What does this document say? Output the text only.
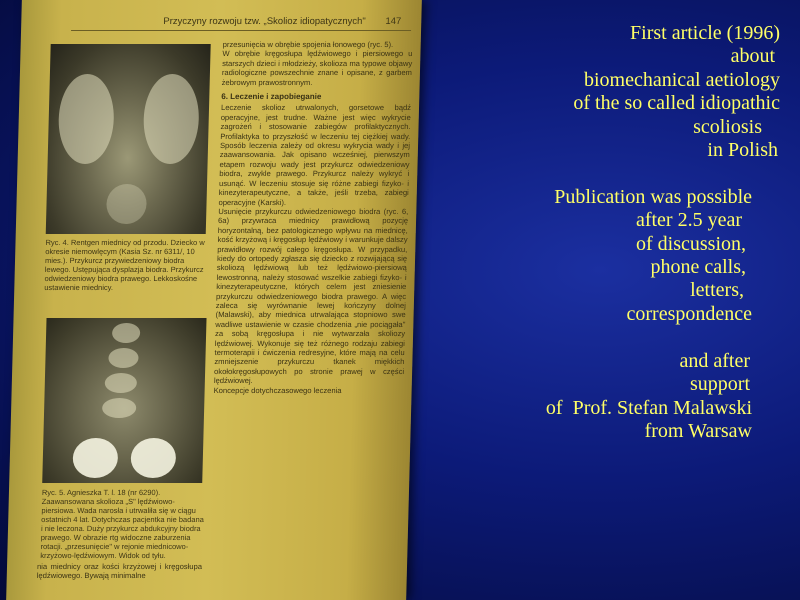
Przyczyny rozwoju tzw. „Skolioz idiopatycznych" 147

Ryc. 4. Rentgen miednicy od przodu. Dziecko w okresie niemowlęcym (Kasia Sz. nr 6311/, 10 mies.). Przykurcz przywiedzeniowy biodra lewego. Ustępująca dysplazja biodra. Przykurcz odwiedzeniowy biodra prawego. Lekkoskośne ustawienie miednicy.

Ryc. 5. Agnieszka T. l. 18 (nr 6290). Zaawansowana skolioza „S" lędźwiowo-piersiowa. Wada narosła i utrwaliła się w ciągu ostatnich 4 lat. Dotychczas pacjentka nie badana i nie leczona. Duży przykurcz abdukcyjny biodra prawego. W obrazie rtg widoczne zaburzenia rotacji. „przesunięcie" w rejonie miednicowo-krzyżowo-lędźwiowym. Widok od tyłu.

nia miednicy oraz kości krzyżowej i kręgosłupa lędźwiowego. Bywają minimalne

przesunięcia w obrębie spojenia łonowego (ryc. 5).

W obrębie kręgosłupa lędźwiowego i piersiowego u starszych dzieci i młodzieży, skolioza ma typowe objawy radiologiczne powszechnie znane i opisane, z garbem żebrowym prawostronnym.

6. Leczenie i zapobieganie

Leczenie skolioz utrwalonych, gorsetowe bądź operacyjne, jest trudne. Ważne jest więc wykrycie zagrożeń i stosowanie zabiegów profilaktycznych. Profilaktyka to przyszłość w leczeniu tej ciężkiej wady. Sposób leczenia zależy od okresu wykrycia wady i jej zaawansowania. Jak opisano wcześniej, pierwszym etapem rozwoju wady jest przykurcz odwiedzeniowy biodra, zwykle prawego. Przykurcz należy wykryć i usunąć. W leczeniu stosuje się różne zabiegi fizyko- i kinezyterapeutyczne, a także, jeśli trzeba, zabiegi operacyjne (Karski).

Usunięcie przykurczu odwiedzeniowego biodra (ryc. 6, 6a) przywraca miednicy prawidłową pozycję horyzontalną, bez patologicznego wpływu na miednicę, kość krzyżową i kręgosłup lędźwiowy i warunkuje dalszy prawidłowy rozwój całego kręgosłupa. W przypadku, kiedy do ortopedy zgłasza się dziecko z rozwijającą się skoliozą lędźwiową lub też lędźwiowo-piersiową lewostronną, należy stosować wszelkie zabiegi fizyko- i kinezyterapeutyczne, których celem jest zniesienie przykurczu odwiedzeniowego biodra prawego. A więc zaleca się wyrównanie lewej kończyny dolnej (Malawski), aby miednica utrwalająca stopniowo swe wadliwe ustawienie w czasie chodzenia „nie pociągała" za sobą kręgosłupa i nie wytwarzała skoliozy lędźwiowej. Wykonuje się też różnego rodzaju zabiegi termoterapii i ćwiczenia redresyjne, które mają na celu zmniejszenie przykurczu tkanek miękkich okołokręgosłupowych po stronie prawej w części lędźwiowej.

Koncepcje dotychczasowego leczenia

First article (1996)
about
biomechanical aetiology
of the so called idiopathic
scoliosis
in Polish

Publication was possible
after 2.5 year
of discussion,
phone calls,
letters,
correspondence

and after
support
of  Prof. Stefan Malawski
from Warsaw
